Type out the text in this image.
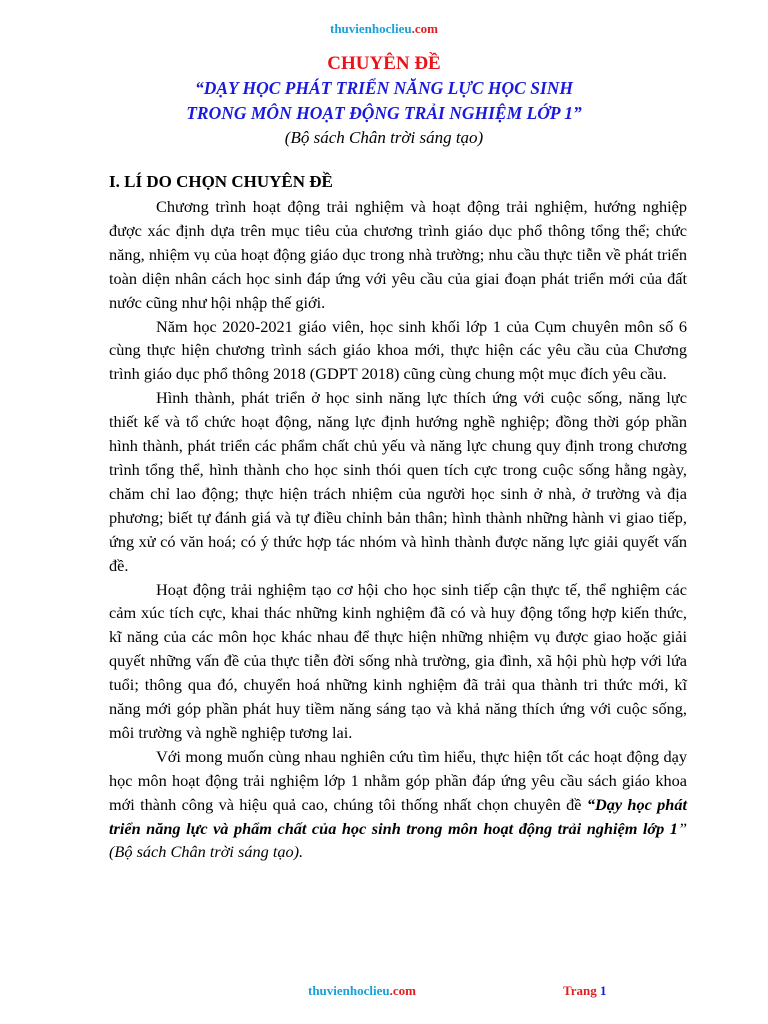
thuvienhoclieu.com

CHUYÊN ĐỀ

“DẠY HỌC PHÁT TRIỂN NĂNG LỰC HỌC SINH

TRONG MÔN HOẠT ĐỘNG TRẢI NGHIỆM LỚP 1”

(Bộ sách Chân trời sáng tạo)

I. LÍ DO CHỌN CHUYÊN ĐỀ

Chương trình hoạt động trải nghiệm và hoạt động trải nghiệm, hướng nghiệp được xác định dựa trên mục tiêu của chương trình giáo dục phổ thông tổng thể; chức năng, nhiệm vụ của hoạt động giáo dục trong nhà trường; nhu cầu thực tiễn về phát triển toàn diện nhân cách học sinh đáp ứng với yêu cầu của giai đoạn phát triển mới của đất nước cũng như hội nhập thế giới.

Năm học 2020-2021 giáo viên, học sinh khối lớp 1 của Cụm chuyên môn số 6 cùng thực hiện chương trình sách giáo khoa mới, thực hiện các yêu cầu của Chương trình giáo dục phổ thông 2018 (GDPT 2018) cũng cùng chung một mục đích yêu cầu.

Hình thành, phát triển ở học sinh năng lực thích ứng với cuộc sống, năng lực thiết kế và tổ chức hoạt động, năng lực định hướng nghề nghiệp; đồng thời góp phần hình thành, phát triển các phẩm chất chủ yếu và năng lực chung quy định trong chương trình tổng thể, hình thành cho học sinh thói quen tích cực trong cuộc sống hằng ngày, chăm chỉ lao động; thực hiện trách nhiệm của người học sinh ở nhà, ở trường và địa phương; biết tự đánh giá và tự điều chỉnh bản thân; hình thành những hành vi giao tiếp, ứng xử có văn hoá; có ý thức hợp tác nhóm và hình thành được năng lực giải quyết vấn đề.

Hoạt động trải nghiệm tạo cơ hội cho học sinh tiếp cận thực tế, thể nghiệm các cảm xúc tích cực, khai thác những kinh nghiệm đã có và huy động tổng hợp kiến thức, kĩ năng của các môn học khác nhau để thực hiện những nhiệm vụ được giao hoặc giải quyết những vấn đề của thực tiễn đời sống nhà trường, gia đình, xã hội phù hợp với lứa tuổi; thông qua đó, chuyển hoá những kinh nghiệm đã trải qua thành tri thức mới, kĩ năng mới góp phần phát huy tiềm năng sáng tạo và khả năng thích ứng với cuộc sống, môi trường và nghề nghiệp tương lai.

Với mong muốn cùng nhau nghiên cứu tìm hiểu, thực hiện tốt các hoạt động dạy học môn hoạt động trải nghiệm lớp 1 nhằm góp phần đáp ứng yêu cầu sách giáo khoa mới thành công và hiệu quả cao, chúng tôi thống nhất chọn chuyên đề “Dạy học phát triển năng lực và phẩm chất của học sinh trong môn hoạt động trải nghiệm lớp 1” (Bộ sách Chân trời sáng tạo).

thuvienhoclieu.com	Trang 1
